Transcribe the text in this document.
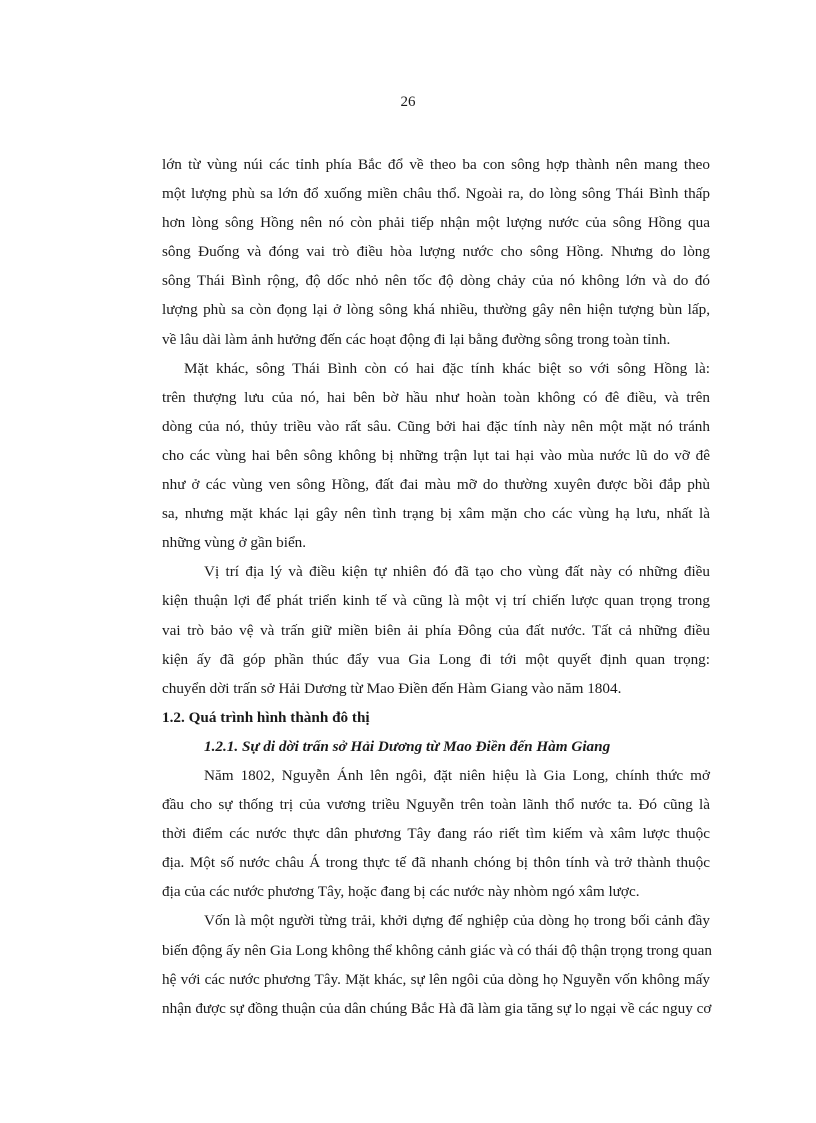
26

lớn từ vùng núi các tỉnh phía Bắc đổ về theo ba con sông hợp thành nên mang theo
một lượng phù sa lớn đổ xuống miền châu thổ. Ngoài ra, do lòng sông Thái Bình thấp
hơn lòng sông Hồng nên nó còn phải tiếp nhận một lượng nước của sông Hồng qua
sông Đuống và đóng vai trò điều hòa lượng nước cho sông Hồng. Nhưng do lòng
sông Thái Bình rộng, độ dốc nhỏ nên tốc độ dòng chảy của nó không lớn và do đó
lượng phù sa còn đọng lại ở lòng sông khá nhiều, thường gây nên hiện tượng bùn lấp,
về lâu dài làm ảnh hưởng đến các hoạt động đi lại bằng đường sông trong toàn tỉnh.

Mặt khác, sông Thái Bình còn có hai đặc tính khác biệt so với sông Hồng là:
trên thượng lưu của nó, hai bên bờ hầu như hoàn toàn không có đê điều, và trên
dòng của nó, thủy triều vào rất sâu. Cũng bởi hai đặc tính này nên một mặt nó tránh
cho các vùng hai bên sông không bị những trận lụt tai hại vào mùa nước lũ do vỡ đê
như ở các vùng ven sông Hồng, đất đai màu mỡ do thường xuyên được bồi đắp phù
sa, nhưng mặt khác lại gây nên tình trạng bị xâm mặn cho các vùng hạ lưu, nhất là
những vùng ở gần biển.

Vị trí địa lý và điều kiện tự nhiên đó đã tạo cho vùng đất này có những điều
kiện thuận lợi để phát triển kinh tế và cũng là một vị trí chiến lược quan trọng trong
vai trò bảo vệ và trấn giữ miền biên ải phía Đông của đất nước. Tất cả những điều
kiện ấy đã góp phần thúc đẩy vua Gia Long đi tới một quyết định quan trọng:
chuyển dời trấn sở Hải Dương từ Mao Điền đến Hàm Giang vào năm 1804.

1.2. Quá trình hình thành đô thị
1.2.1. Sự di dời trấn sở Hải Dương từ Mao Điền đến Hàm Giang

Năm 1802, Nguyễn Ánh lên ngôi, đặt niên hiệu là Gia Long, chính thức mở
đầu cho sự thống trị của vương triều Nguyễn trên toàn lãnh thổ nước ta. Đó cũng là
thời điểm các nước thực dân phương Tây đang ráo riết tìm kiếm và xâm lược thuộc
địa. Một số nước châu Á trong thực tế đã nhanh chóng bị thôn tính và trở thành thuộc
địa của các nước phương Tây, hoặc đang bị các nước này nhòm ngó xâm lược.

Vốn là một người từng trải, khởi dựng đế nghiệp của dòng họ trong bối cảnh đầy
biến động ấy nên Gia Long không thể không cảnh giác và có thái độ thận trọng trong quan
hệ với các nước phương Tây. Mặt khác, sự lên ngôi của dòng họ Nguyễn vốn không mấy
nhận được sự đồng thuận của dân chúng Bắc Hà đã làm gia tăng sự lo ngại về các nguy cơ
